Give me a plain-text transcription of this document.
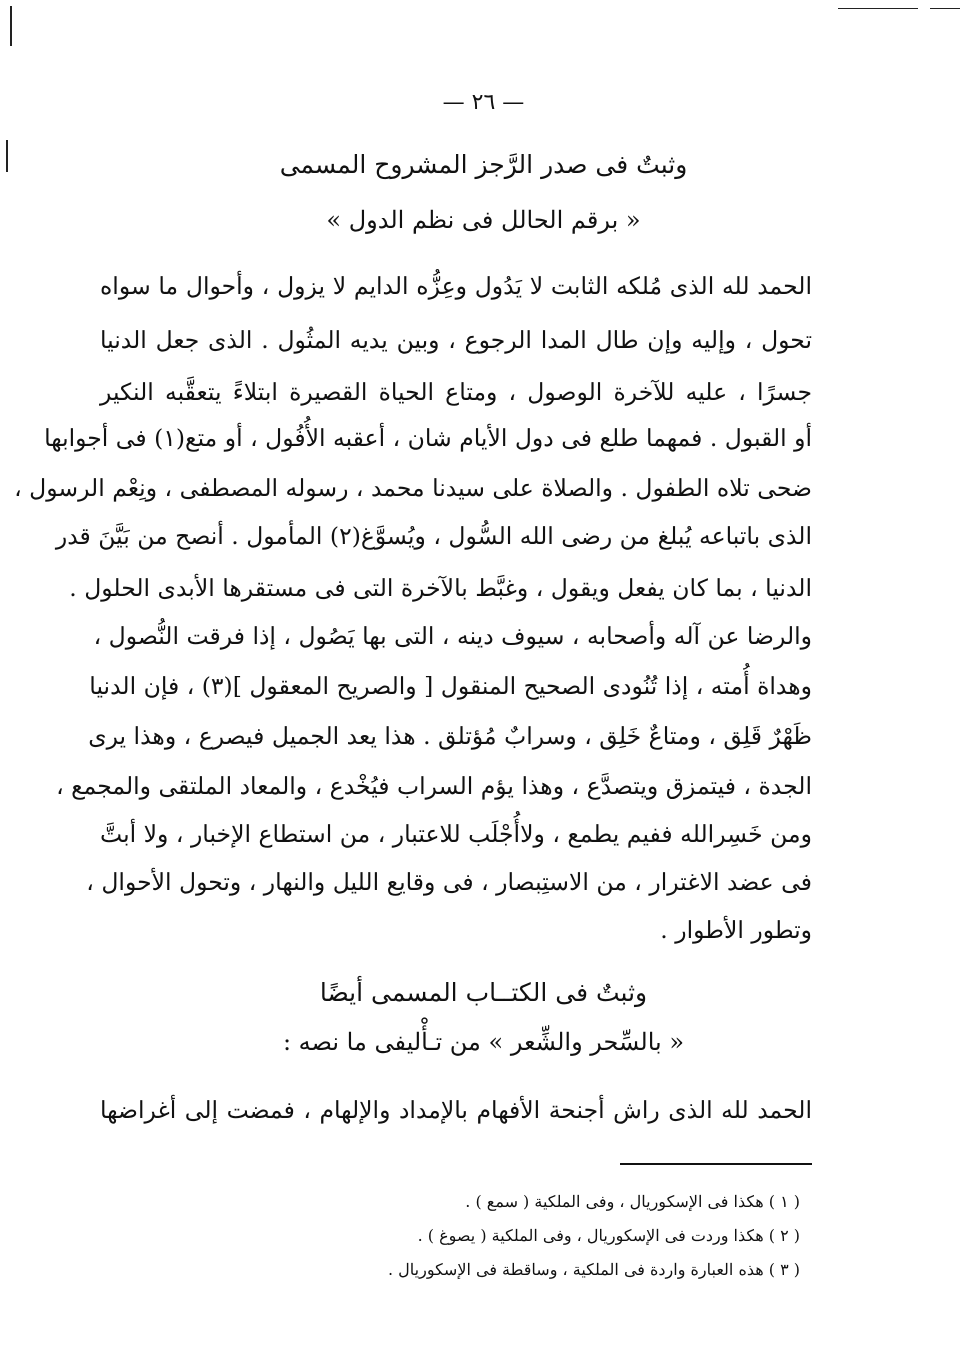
— ٢٦ —
وثبتٌ فى صدر الرَّجز المشروح المسمى
« برقم الحالل فى نظم الدول »
الحمد لله الذى مُلكه الثابت لا يَدُول وعِزُّه الدايم لا يزول ، وأحوال ما سواه
تحول ، وإليه وإن طال المدا الرجوع ، وبين يديه المثُول . الذى جعل الدنيا
جسرًا ، عليه للآخرة الوصول ، ومتاع الحياة القصيرة ابتلاءً يتعقَّبه النكير
أو القبول . فمهما طلع فى دول الأيام شان ، أعقبه الأُفُول ، أو متع(١) فى أجوابها
ضحى تلاه الطفول . والصلاة على سيدنا محمد ، رسوله المصطفى ، ونِعْم الرسول ،
الذى باتباعه يُبلغ من رضى الله السُّول ، ويُسوَّغ(٢) المأمول . أنصح من بَيَّنَ قدر
الدنيا ، بما كان يفعل ويقول ، وغبَّط بالآخرة التى فى مستقرها الأبدى الحلول .
والرضا عن آله وأصحابه ، سيوف دينه ، التى بها يَصُول ، إذا فرقت النُّصول ،
وهداة أُمته ، إذا تُنُودى الصحيح المنقول [ والصريح المعقول ](٣) ، فإن الدنيا
ظَهْرٌ قَلِق ، ومتاعٌ خَلِق ، وسرابٌ مُؤتلق . هذا يعد الجميل فيصرع ، وهذا يرى
الجدة ، فيتمزق ويتصدَّع ، وهذا يؤم السراب فيُخْدع ، والمعاد الملتقى والمجمع ،
ومن خَسِرالله ففيم يطمع ، ولاأُجْلَب للاعتبار ، من استطاع الإخبار ، ولا أبتَّ
فى عضد الاغترار ، من الاستِبصار ، فى وقايع الليل والنهار ، وتحول الأحوال ،
وتطور الأطوار .
وثبتٌ فى الكتــاب المسمى أيضًا
« بالسِّحر والشِّعر » من تـأْليفى ما نصه :
الحمد لله الذى راش أجنحة الأفهام بالإمداد والإلهام ، فمضت إلى أغراضها
( ١ ) هكذا فى الإسكوريال ، وفى الملكية ( سمع ) .
( ٢ ) هكذا وردت فى الإسكوريال ، وفى الملكية ( يصوغ ) .
( ٣ ) هذه العبارة واردة فى الملكية ، وساقطة فى الإسكوريال .
